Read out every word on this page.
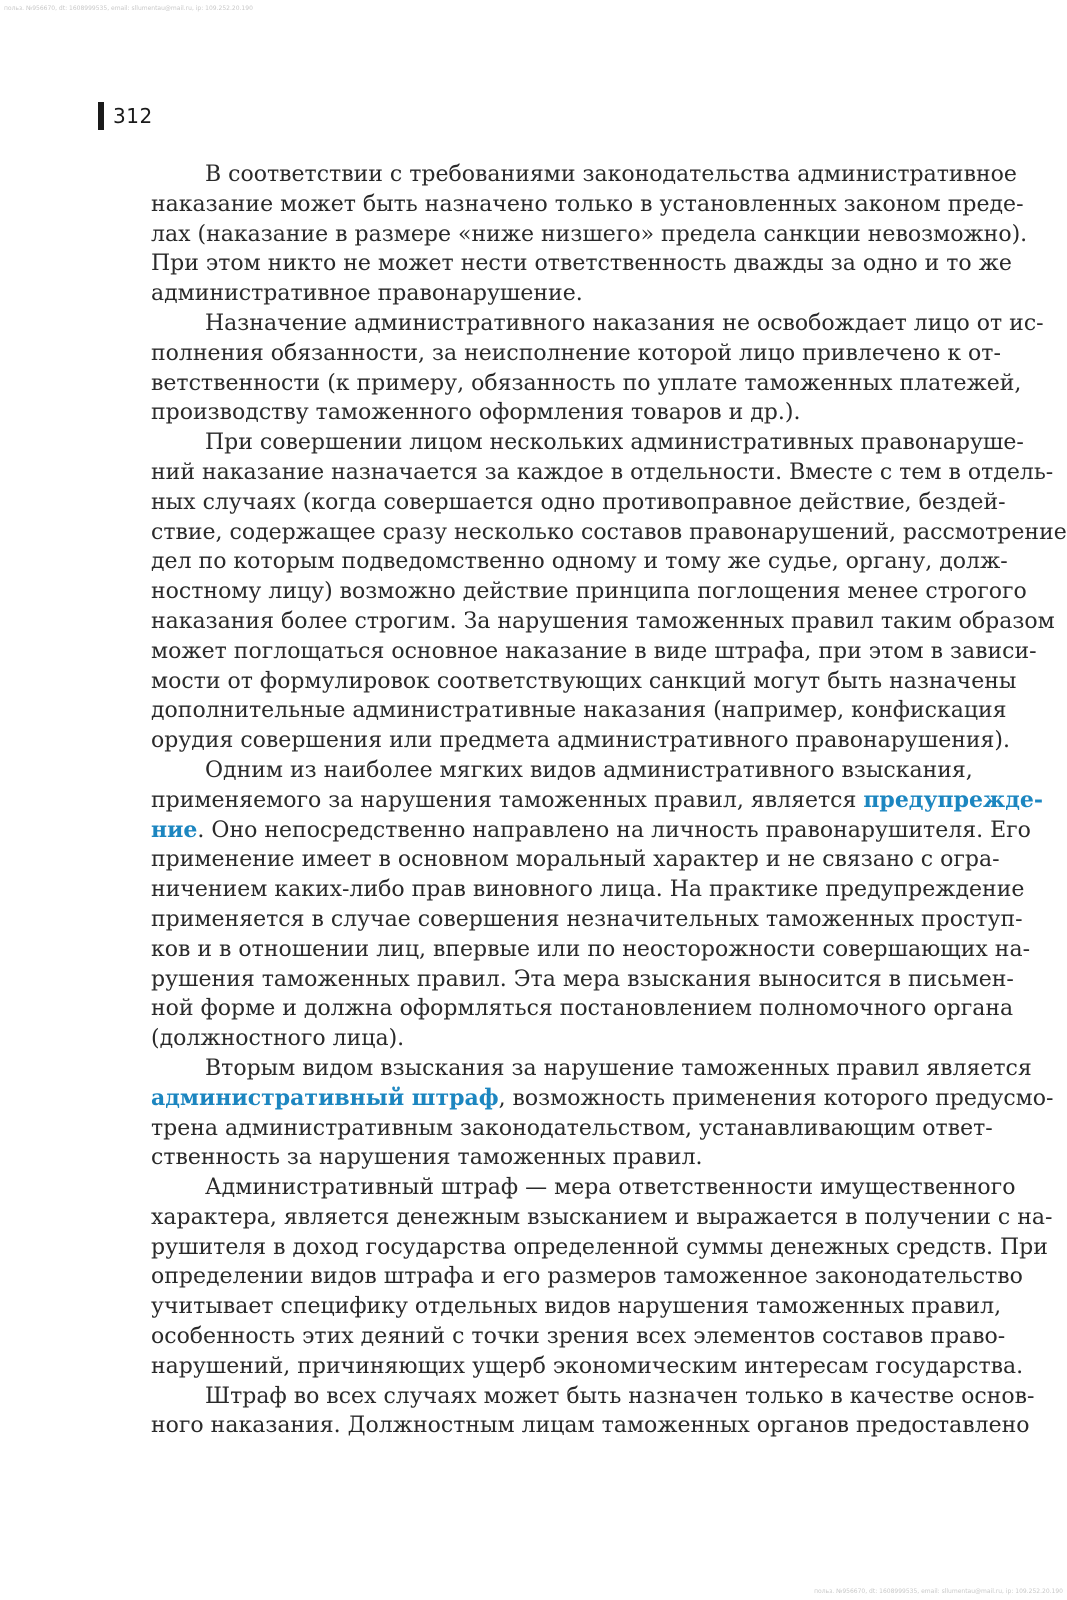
польз. №956670, dt: 1608999535, email: sllumentau@mail.ru, ip: 109.252.20.190
312

В соответствии с требованиями законодательства административное
наказание может быть назначено только в установленных законом преде-
лах (наказание в размере «ниже низшего» предела санкции невозможно).
При этом никто не может нести ответственность дважды за одно и то же
административное правонарушение.

Назначение административного наказания не освобождает лицо от ис-
полнения обязанности, за неисполнение которой лицо привлечено к от-
ветственности (к примеру, обязанность по уплате таможенных платежей,
производству таможенного оформления товаров и др.).

При совершении лицом нескольких административных правонаруше-
ний наказание назначается за каждое в отдельности. Вместе с тем в отдель-
ных случаях (когда совершается одно противоправное действие, бездей-
ствие, содержащее сразу несколько составов правонарушений, рассмотрение
дел по которым подведомственно одному и тому же судье, органу, долж-
ностному лицу) возможно действие принципа поглощения менее строгого
наказания более строгим. За нарушения таможенных правил таким образом
может поглощаться основное наказание в виде штрафа, при этом в зависи-
мости от формулировок соответствующих санкций могут быть назначены
дополнительные административные наказания (например, конфискация
орудия совершения или предмета административного правонарушения).

Одним из наиболее мягких видов административного взыскания,
применяемого за нарушения таможенных правил, является предупрежде-
ние. Оно непосредственно направлено на личность правонарушителя. Его
применение имеет в основном моральный характер и не связано с огра-
ничением каких-либо прав виновного лица. На практике предупреждение
применяется в случае совершения незначительных таможенных проступ-
ков и в отношении лиц, впервые или по неосторожности совершающих на-
рушения таможенных правил. Эта мера взыскания выносится в письмен-
ной форме и должна оформляться постановлением полномочного органа
(должностного лица).

Вторым видом взыскания за нарушение таможенных правил является
административный штраф, возможность применения которого предусмо-
трена административным законодательством, устанавливающим ответ-
ственность за нарушения таможенных правил.

Административный штраф — мера ответственности имущественного
характера, является денежным взысканием и выражается в получении с на-
рушителя в доход государства определенной суммы денежных средств. При
определении видов штрафа и его размеров таможенное законодательство
учитывает специфику отдельных видов нарушения таможенных правил,
особенность этих деяний с точки зрения всех элементов составов право-
нарушений, причиняющих ущерб экономическим интересам государства.

Штраф во всех случаях может быть назначен только в качестве основ-
ного наказания. Должностным лицам таможенных органов предоставлено

польз. №956670, dt: 1608999535, email: sllumentau@mail.ru, ip: 109.252.20.190
